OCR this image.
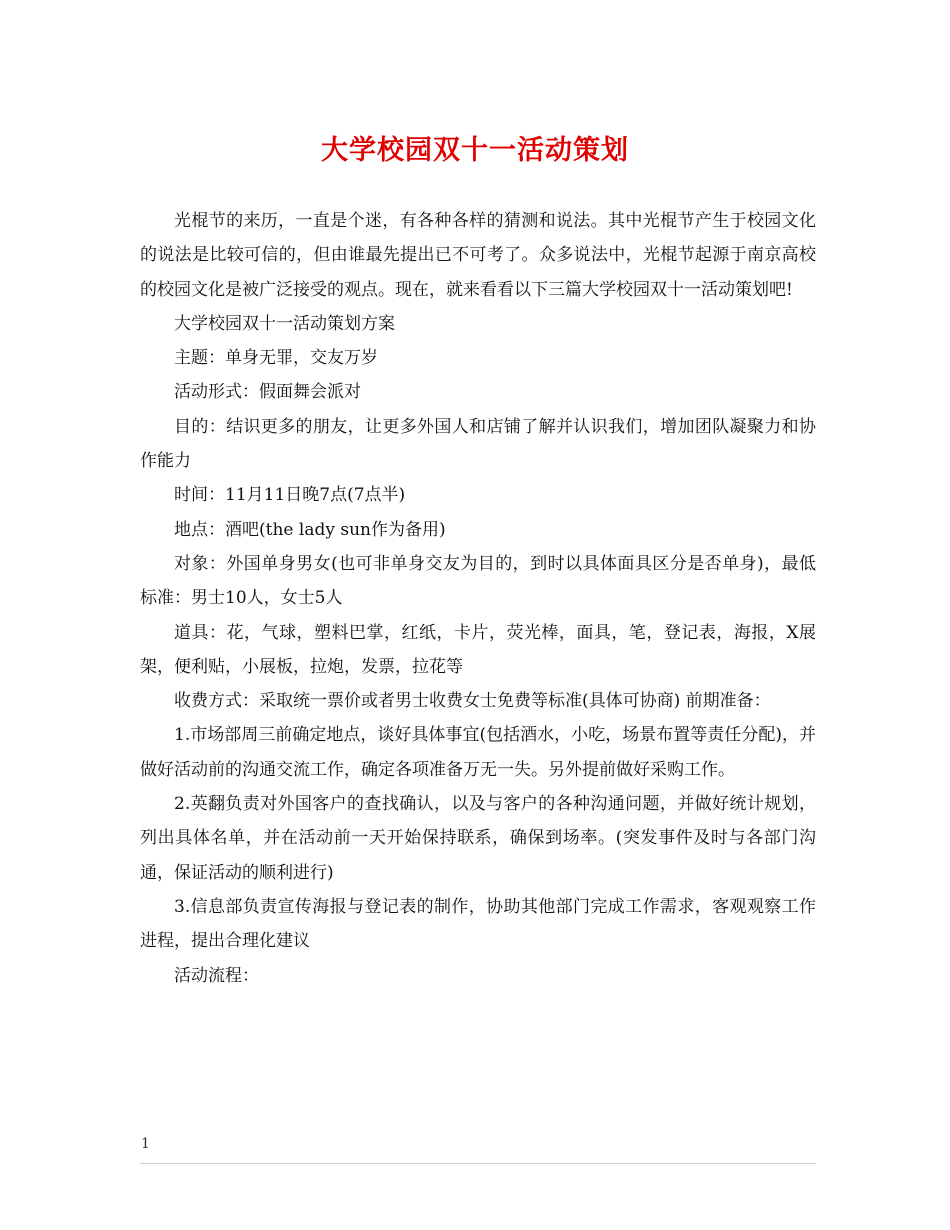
大学校园双十一活动策划

光棍节的来历，一直是个迷，有各种各样的猜测和说法。其中光棍节产生于校园文化的说法是比较可信的，但由谁最先提出已不可考了。众多说法中，光棍节起源于南京高校的校园文化是被广泛接受的观点。现在，就来看看以下三篇大学校园双十一活动策划吧!

大学校园双十一活动策划方案

主题：单身无罪，交友万岁

活动形式：假面舞会派对

目的：结识更多的朋友，让更多外国人和店铺了解并认识我们，增加团队凝聚力和协作能力

时间：11月11日晚7点(7点半)

地点：酒吧(the lady sun作为备用)

对象：外国单身男女(也可非单身交友为目的，到时以具体面具区分是否单身)，最低标准：男士10人，女士5人

道具：花，气球，塑料巴掌，红纸，卡片，荧光棒，面具，笔，登记表，海报，X展架，便利贴，小展板，拉炮，发票，拉花等

收费方式：采取统一票价或者男士收费女士免费等标准(具体可协商) 前期准备：

1.市场部周三前确定地点，谈好具体事宜(包括酒水，小吃，场景布置等责任分配)，并做好活动前的沟通交流工作，确定各项准备万无一失。另外提前做好采购工作。

2.英翻负责对外国客户的查找确认，以及与客户的各种沟通问题，并做好统计规划，列出具体名单，并在活动前一天开始保持联系，确保到场率。(突发事件及时与各部门沟通，保证活动的顺利进行)

3.信息部负责宣传海报与登记表的制作，协助其他部门完成工作需求，客观观察工作进程，提出合理化建议

活动流程：

1
